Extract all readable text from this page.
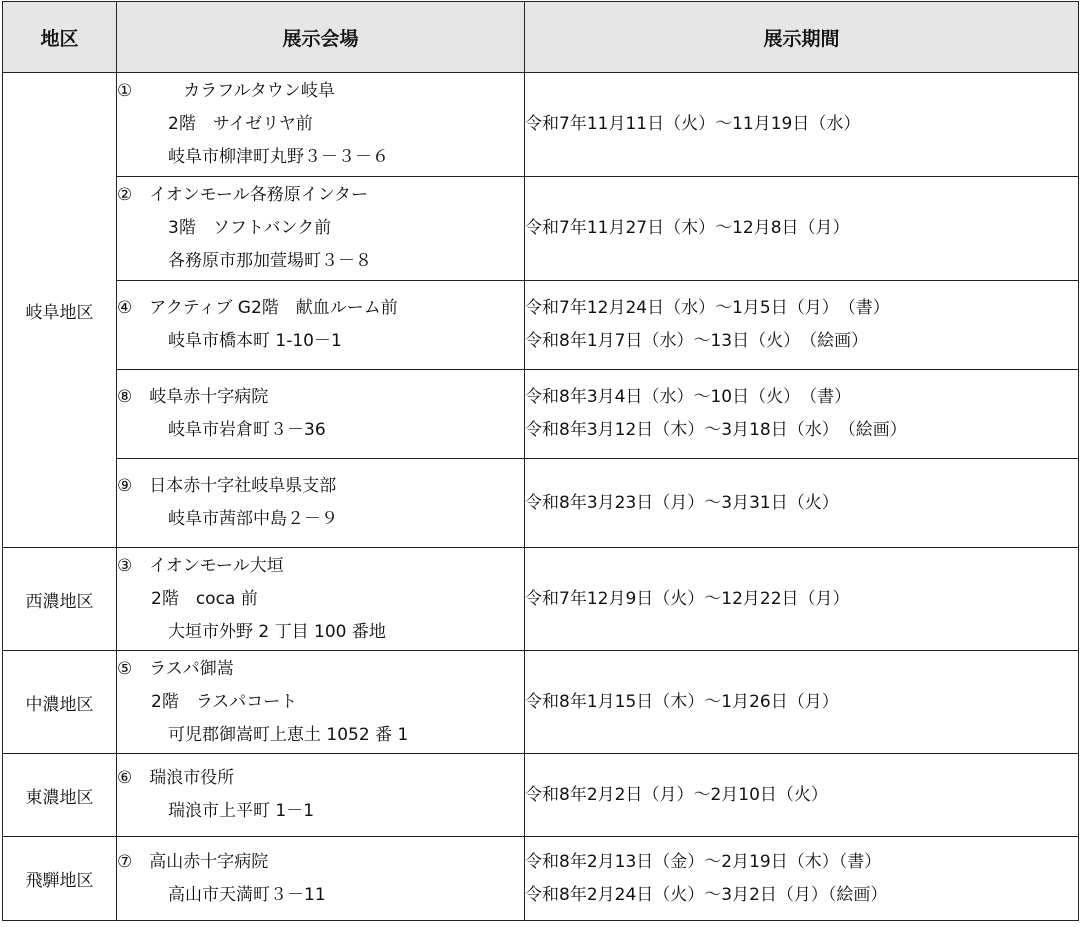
地区	展示会場	展示期間
岐阜地区	①　　　カラフルタウン岐阜
　　　2階　サイゼリヤ前
　　　岐阜市柳津町丸野３－３－６	令和7年11月11日（火）～11月19日（水）

	②　イオンモール各務原インター
　　　3階　ソフトバンク前
　　　各務原市那加萱場町３－８	令和7年11月27日（木）～12月8日（月）

	④　アクティブ G2階　献血ルーム前
　　　岐阜市橋本町 1-10－1	令和7年12月24日（水）～1月5日（月）　（書）
令和8年1月7日（水）～13日（火）　（絵画）

	⑧　岐阜赤十字病院
　　　岐阜市岩倉町３－36	令和8年3月4日（水）～10日（火）　（書）
令和8年3月12日（木）～3月18日（水）　（絵画）

	⑨　日本赤十字社岐阜県支部
　　　岐阜市茜部中島２－９	令和8年3月23日（月）～3月31日（火）

西濃地区	③　イオンモール大垣
　　2階　coca 前
　　　大垣市外野 2 丁目 100 番地	令和7年12月9日（火）～12月22日（月）

中濃地区	⑤　ラスパ御嵩
　　2階　ラスパコート
　　　可児郡御嵩町上恵土 1052 番 1	令和8年1月15日（木）～1月26日（月）

東濃地区	⑥　瑞浪市役所
　　　瑞浪市上平町 1－1	令和8年2月2日（月）～2月10日（火）

飛騨地区	⑦　高山赤十字病院
　　　高山市天満町３－11	令和8年2月13日（金）～2月19日（木）（書）
令和8年2月24日（火）～3月2日（月）（絵画）
